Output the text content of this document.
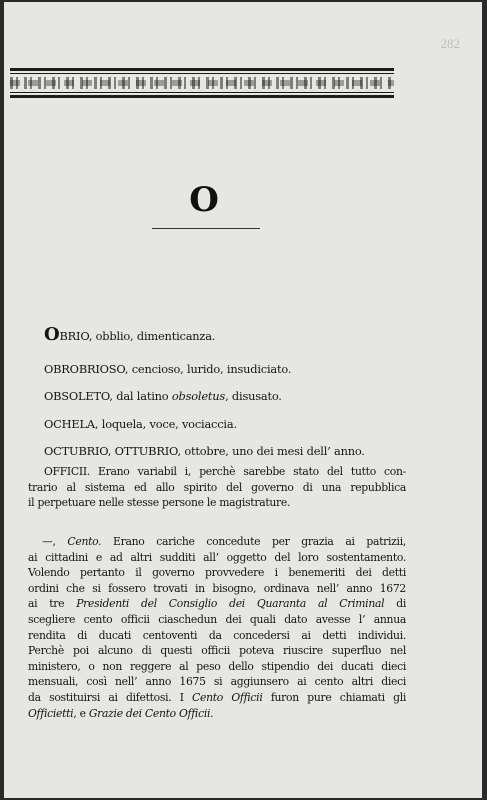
282
O
OBRIO, obblio, dimenticanza.
OBROBRIOSO, cencioso, lurido, insudiciato.
OBSOLETO, dal latino obsoletus, disusato.
OCHELA, loquela, voce, vociaccia.
OCTUBRIO, OTTUBRIO, ottobre, uno dei mesi dell’ anno.
OFFICII. Erano variabil i, perchè sarebbe stato del tutto con-
trario al sistema ed allo spirito del governo di una repubblica
il perpetuare nelle stesse persone le magistrature.
—, Cento. Erano cariche concedute per grazia ai patrizii,
ai cittadini e ad altri sudditi all’ oggetto del loro sostentamento.
Volendo pertanto il governo provvedere i benemeriti dei detti
ordini che si fossero trovati in bisogno, ordinava nell’ anno 1672
ai tre Presidenti del Consiglio dei Quaranta al Criminal di
scegliere cento officii ciaschedun dei quali dato avesse l’ annua
rendita di ducati centoventi da concedersi ai detti individui.
Perchè poi alcuno di questi officii poteva riuscire superfluo nel
ministero, o non reggere al peso dello stipendio dei ducati dieci
mensuali, così nell’ anno 1675 si aggiunsero ai cento altri dieci
da sostituirsi ai difettosi. I Cento Officii furon pure chiamati gli
Officietti, e Grazie dei Cento Officii.
